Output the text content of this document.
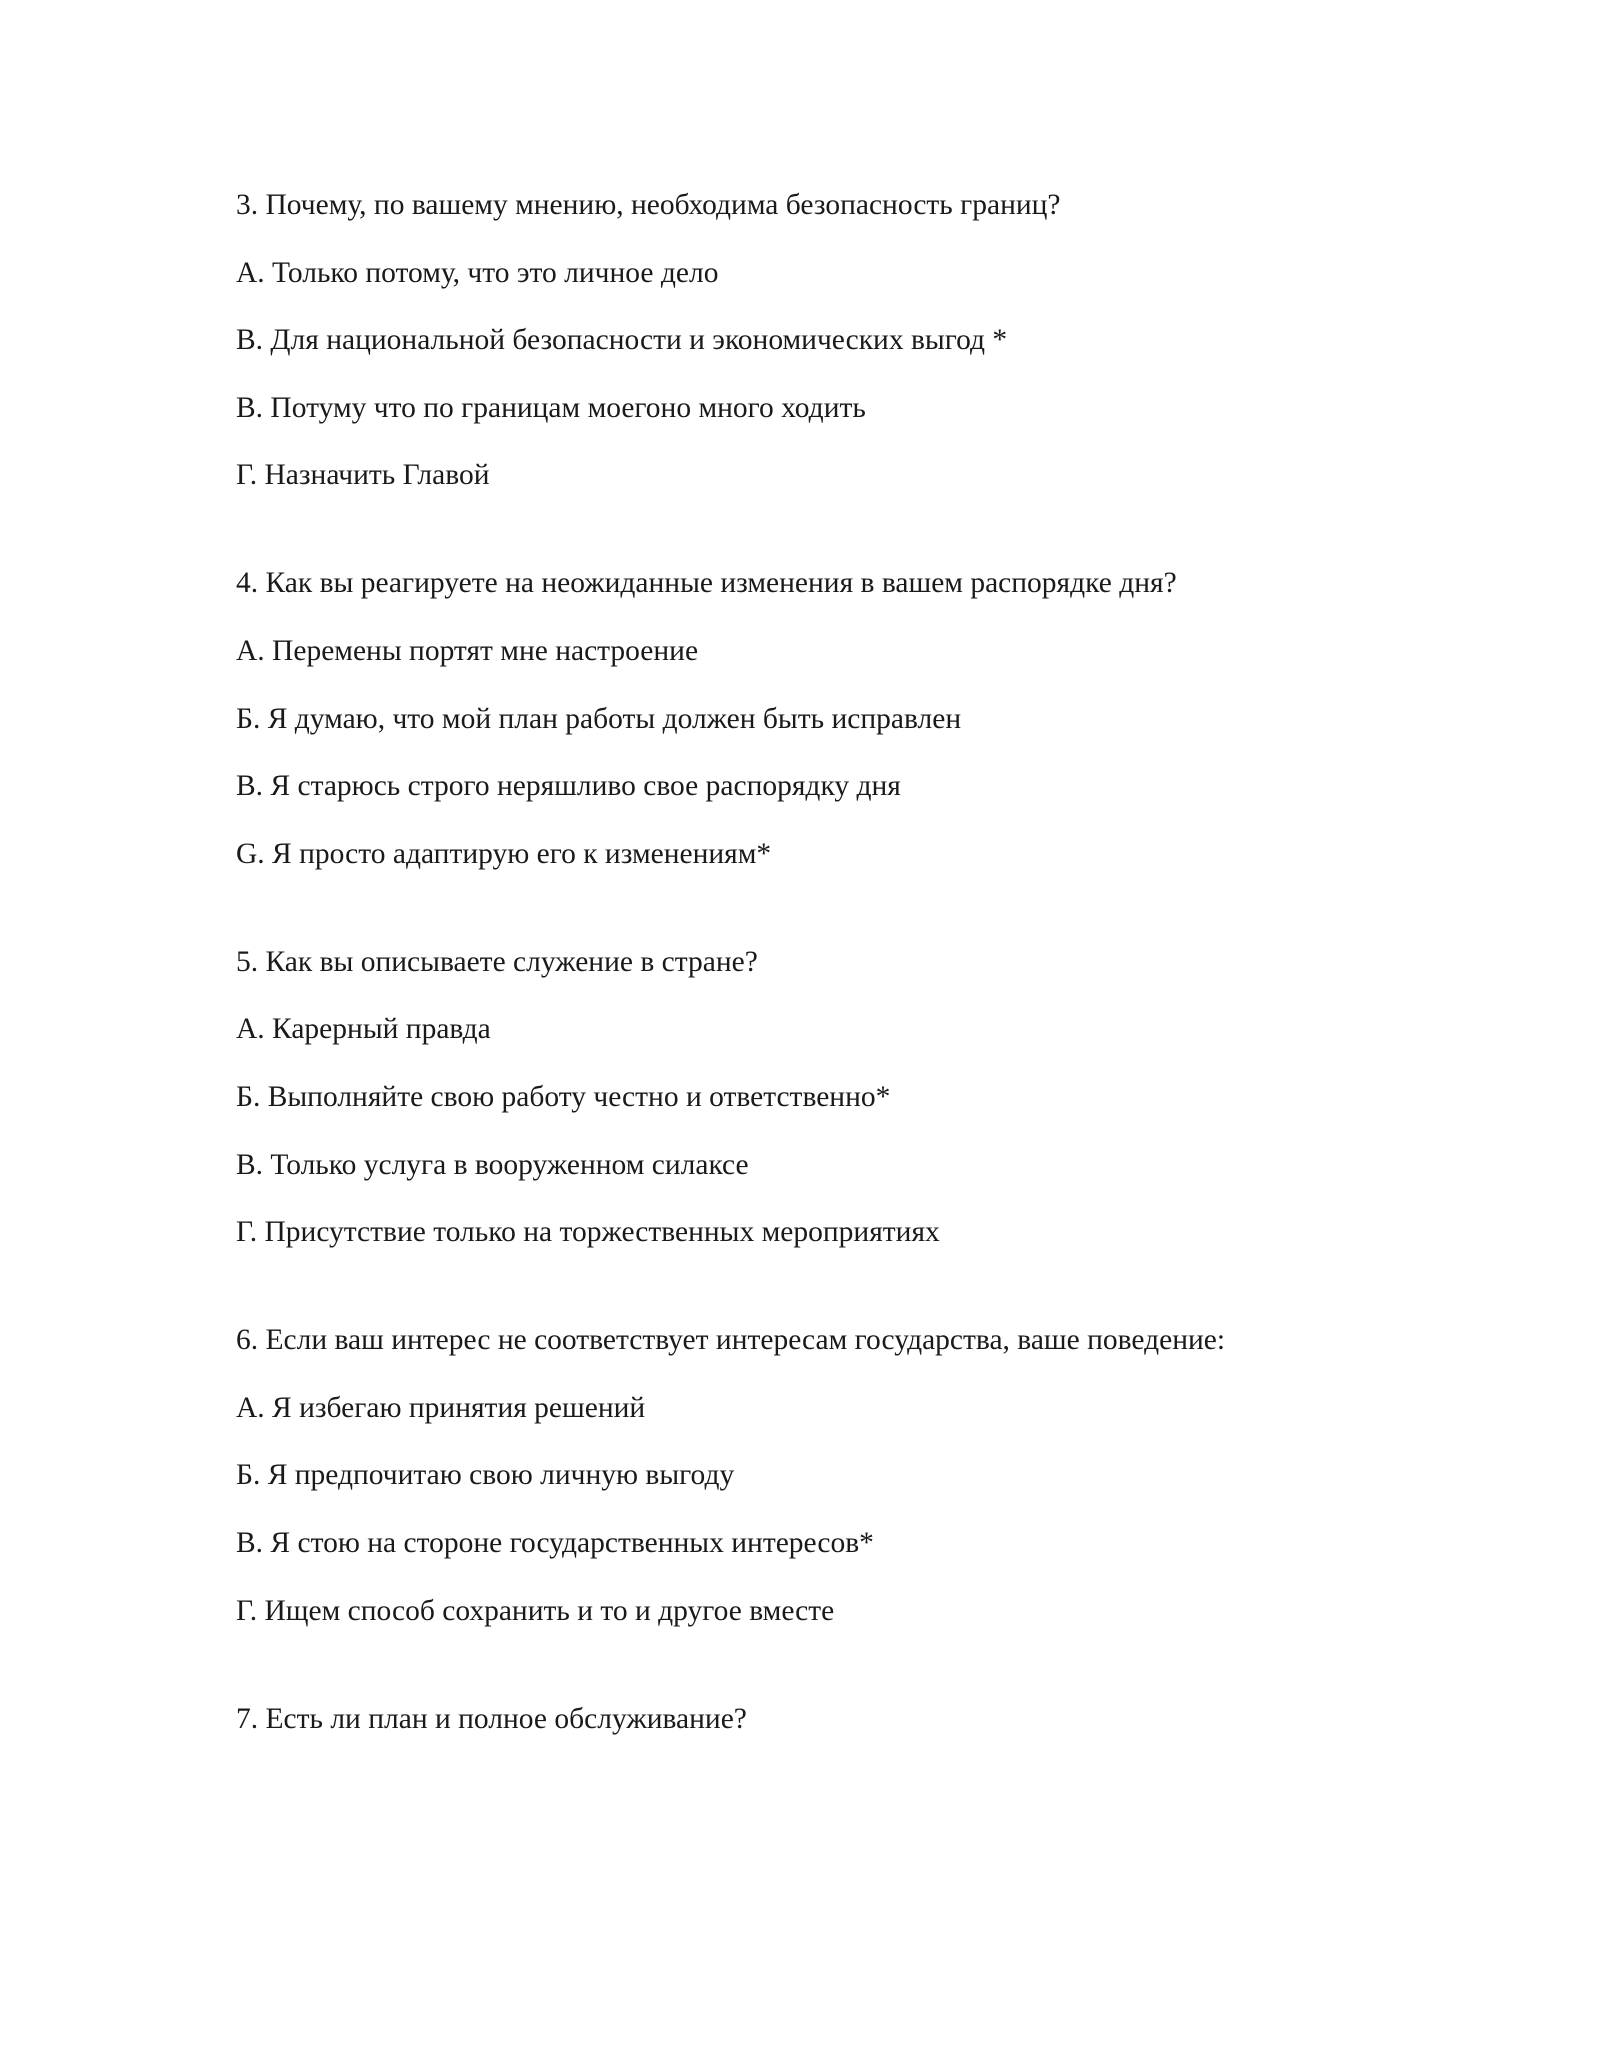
3. Почему, по вашему мнению, необходима безопасность границ?
А. Только потому, что это личное дело
В. Для национальной безопасности и экономических выгод *
В. Потуму что по границам моегоно много ходить
Г. Назначить Главой
4. Как вы реагируете на неожиданные изменения в вашем распорядке дня?
А. Перемены портят мне настроение
Б. Я думаю, что мой план работы должен быть исправлен
В. Я старюсь строго неряшливо свое распорядку дня
G. Я просто адаптирую его к изменениям*
5. Как вы описываете служение в стране?
А. Карерный правда
Б. Выполняйте свою работу честно и ответственно*
В. Только услуга в вооруженном силаксе
Г. Присутствие только на торжественных мероприятиях
6. Если ваш интерес не соответствует интересам государства, ваше поведение:
А. Я избегаю принятия решений
Б. Я предпочитаю свою личную выгоду
В. Я стою на стороне государственных интересов*
Г. Ищем способ сохранить и то и другое вместе
7. Есть ли план и полное обслуживание?
